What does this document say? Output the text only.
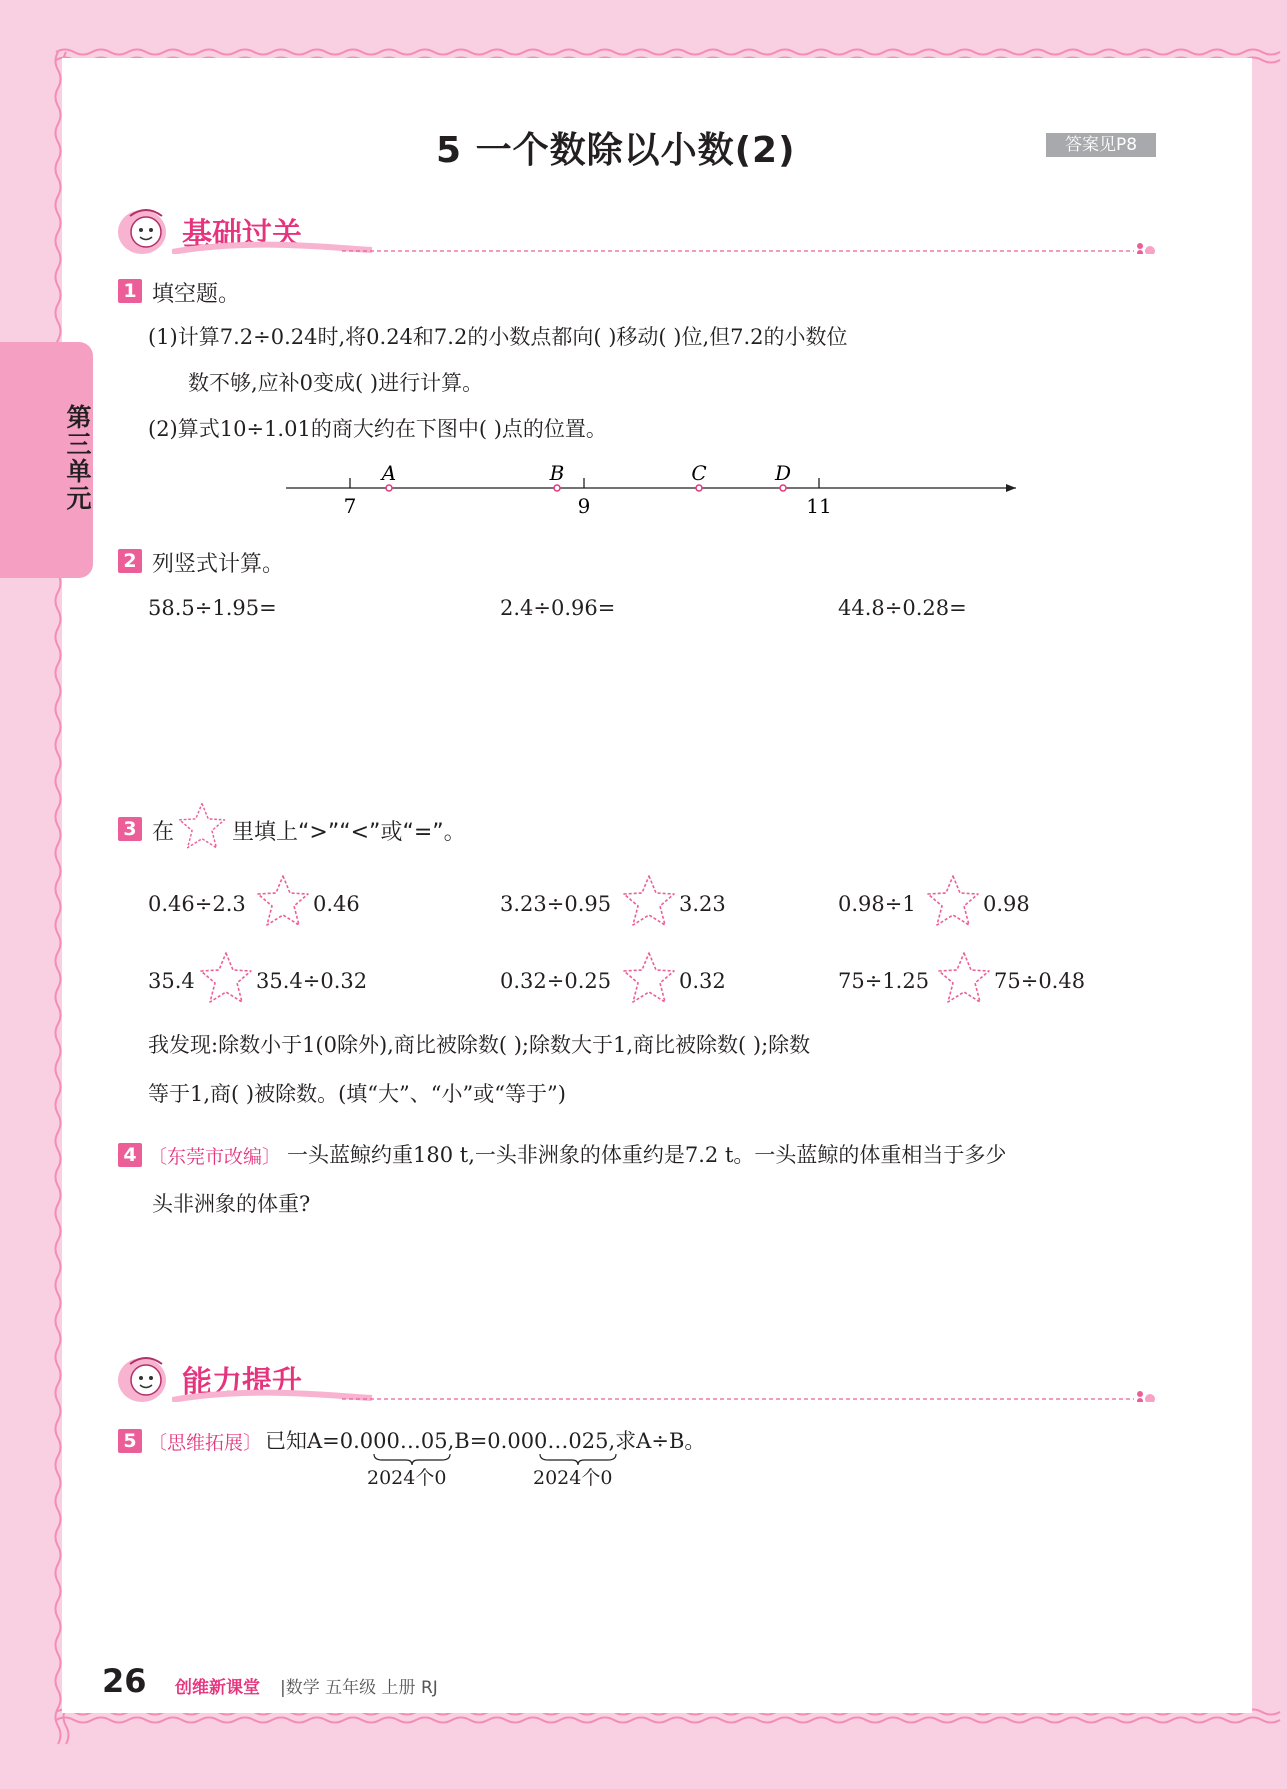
第三单元
5 一个数除以小数(2)	答案见P8
基础过关
1 填空题。
(1)计算7.2÷0.24时,将0.24和7.2的小数点都向( )移动( )位,但7.2的小数位
数不够,应补0变成( )进行计算。
(2)算式10÷1.01的商大约在下图中( )点的位置。
7	9	11
A	B	C	D
2 列竖式计算。
58.5÷1.95=	2.4÷0.96=	44.8÷0.28=
3 在	里填上“>”“<”或“=”。
0.46÷2.3	0.46	3.23÷0.95	3.23	0.98÷1	0.98
35.4	35.4÷0.32	0.32÷0.25	0.32	75÷1.25	75÷0.48
我发现:除数小于1(0除外),商比被除数( );除数大于1,商比被除数( );除数
等于1,商( )被除数。(填“大”、“小”或“等于”)
4 〔东莞市改编〕 一头蓝鲸约重180 t,一头非洲象的体重约是7.2 t。一头蓝鲸的体重相当于多少
头非洲象的体重?
能力提升
5 〔思维拓展〕 已知A=0.000…05,B=0.000…025,求A÷B。
2024个0	2024个0
26 创维新课堂 |数学 五年级 上册 RJ
